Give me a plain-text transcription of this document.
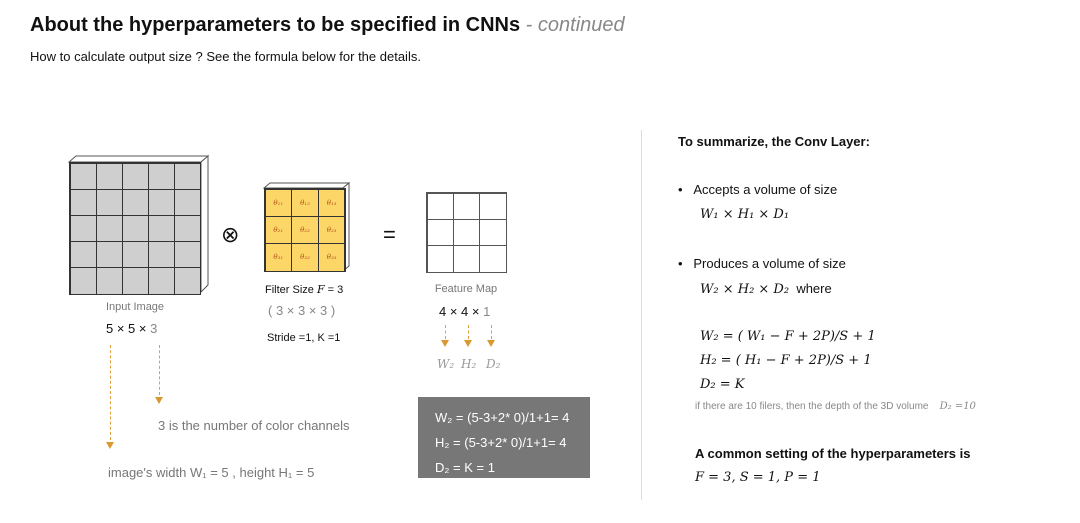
About the hyperparameters to be specified in CNNs - continued
How to calculate output size ? See the formula below for the details.
Input Image
5 × 5 × 3
⊗
θ₁₁	θ₁₂	θ₁₃
θ₂₁	θ₂₂	θ₂₃
θ₃₁	θ₃₂	θ₃₃
Filter Size F = 3
( 3 × 3 × 3 )
Stride =1, K =1
=
Feature Map
4 × 4 × 1
W₂ H₂ D₂
3 is the number of color channels
image's width W₁ = 5 , height H₁ = 5
W₂ = (5-3+2* 0)/1+1= 4
H₂ = (5-3+2* 0)/1+1= 4
D₂ = K = 1
To summarize, the Conv Layer:
•   Accepts a volume of size
W₁ × H₁ × D₁
•   Produces a volume of size
W₂ × H₂ × D₂ where
W₂ = ( W₁ − F + 2P)/S + 1
H₂ = ( H₁ − F + 2P)/S + 1
D₂ = K
if there are 10 filers, then the depth of the 3D volume D₂ =10
A common setting of the hyperparameters is
F = 3, S = 1, P = 1
